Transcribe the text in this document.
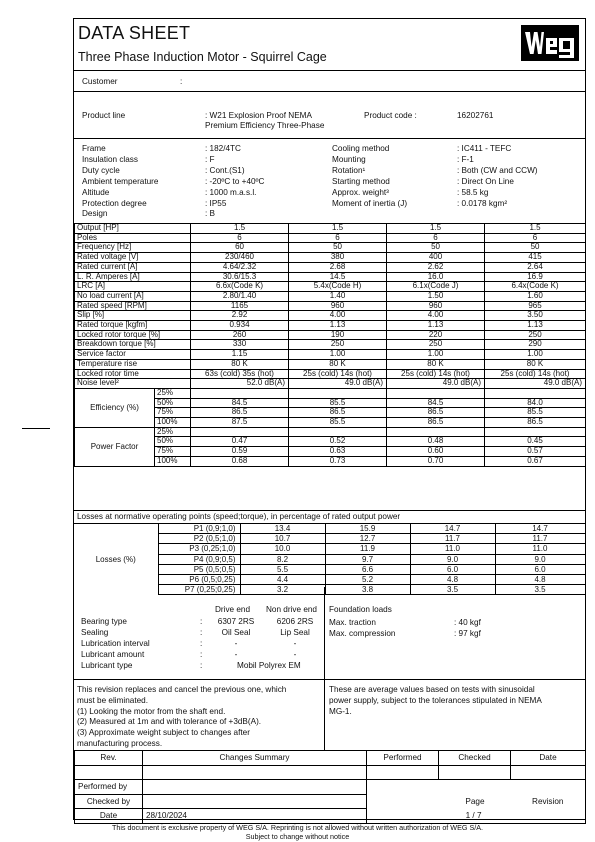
DATA SHEET
Three Phase Induction Motor - Squirrel Cage
WEG
Customer	:
Product line	: W21 Explosion Proof NEMA
Premium Efficiency Three-Phase
Product code :	16202761
Frame	: 182/4TC
Insulation class	: F
Duty cycle	: Cont.(S1)
Ambient temperature	: -20ºC to +40ºC
Altitude	: 1000 m.a.s.l.
Protection degree	: IP55
Design	: B
Cooling method	: IC411 - TEFC
Mounting	: F-1
Rotation¹	: Both (CW and CCW)
Starting method	: Direct On Line
Approx. weight³	: 58.5 kg
Moment of inertia (J)	: 0.0178 kgm²
Output [HP]		1.5	1.5	1.5	1.5
Poles		6	6	6	6
Frequency [Hz]		60	50	50	50
Rated voltage [V]		230/460	380	400	415
Rated current [A]		4.64/2.32	2.68	2.62	2.64
L. R. Amperes [A]		30.6/15.3	14.5	16.0	16.9
LRC [A]		6.6x(Code K)	5.4x(Code H)	6.1x(Code J)	6.4x(Code K)
No load current [A]		2.80/1.40	1.40	1.50	1.60
Rated speed [RPM]		1165	960	960	965
Slip [%]		2.92	4.00	4.00	3.50
Rated torque [kgfm]		0.934	1.13	1.13	1.13
Locked rotor torque [%]		260	190	220	250
Breakdown torque [%]		330	250	250	290
Service factor		1.15	1.00	1.00	1.00
Temperature rise		80 K	80 K	80 K	80 K
Locked rotor time		63s (cold) 35s (hot)	25s (cold) 14s (hot)	25s (cold) 14s (hot)	25s (cold) 14s (hot)
Noise level²		52.0 dB(A)	49.0 dB(A)	49.0 dB(A)	49.0 dB(A)
Efficiency (%)	25%				
	50%	84.5	85.5	84.5	84.0
	75%	86.5	86.5	86.5	85.5
	100%	87.5	85.5	86.5	86.5
Power Factor	25%				
	50%	0.47	0.52	0.48	0.45
	75%	0.59	0.63	0.60	0.57
	100%	0.68	0.73	0.70	0.67
Losses at normative operating points (speed;torque), in percentage of rated output power
Losses (%)	P1 (0,9;1,0)	13.4	15.9	14.7	14.7
	P2 (0,5;1,0)	10.7	12.7	11.7	11.7
	P3 (0,25;1,0)	10.0	11.9	11.0	11.0
	P4 (0,9;0,5)	8.2	9.7	9.0	9.0
	P5 (0,5;0,5)	5.5	6.6	6.0	6.0
	P6 (0,5;0,25)	4.4	5.2	4.8	4.8
	P7 (0,25;0,25)	3.2	3.8	3.5	3.5
Drive end Non drive end
Bearing type	:	6307 2RS	6206 2RS
Sealing	:	Oil Seal	Lip Seal
Lubrication interval	:	-	-
Lubricant amount	:	-	-
Lubricant type	:	Mobil Polyrex EM
Foundation loads
Max. traction	: 40 kgf
Max. compression	: 97 kgf
This revision replaces and cancel the previous one, which
must be eliminated.
(1) Looking the motor from the shaft end.
(2) Measured at 1m and with tolerance of +3dB(A).
(3) Approximate weight subject to changes after
manufacturing process.
These are average values based on tests with sinusoidal
power supply, subject to the tolerances stipulated in NEMA
MG-1.
Rev.	Changes Summary	Performed	Checked	Date

Performed by				
Checked by		Page		Revision
Date	28/10/2024	1 / 7		
This document is exclusive property of WEG S/A. Reprinting is not allowed without written authorization of WEG S/A.
Subject to change without notice
